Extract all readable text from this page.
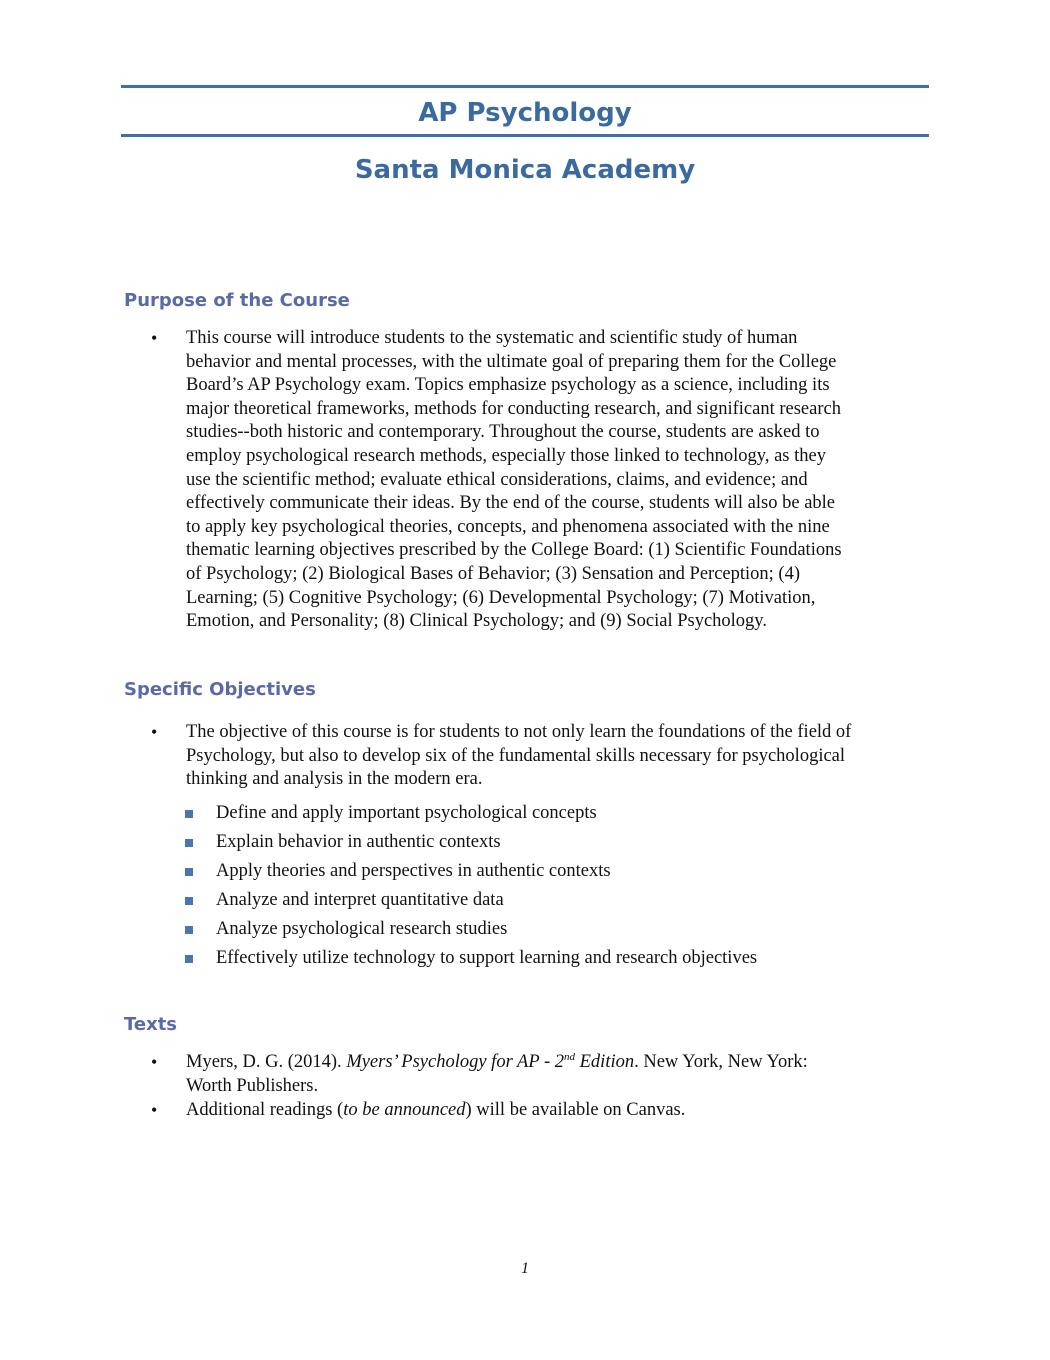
AP Psychology
Santa Monica Academy
Purpose of the Course
• This course will introduce students to the systematic and scientific study of human
behavior and mental processes, with the ultimate goal of preparing them for the College
Board’s AP Psychology exam. Topics emphasize psychology as a science, including its
major theoretical frameworks, methods for conducting research, and significant research
studies--both historic and contemporary. Throughout the course, students are asked to
employ psychological research methods, especially those linked to technology, as they
use the scientific method; evaluate ethical considerations, claims, and evidence; and
effectively communicate their ideas. By the end of the course, students will also be able
to apply key psychological theories, concepts, and phenomena associated with the nine
thematic learning objectives prescribed by the College Board: (1) Scientific Foundations
of Psychology; (2) Biological Bases of Behavior; (3) Sensation and Perception; (4)
Learning; (5) Cognitive Psychology; (6) Developmental Psychology; (7) Motivation,
Emotion, and Personality; (8) Clinical Psychology; and (9) Social Psychology.
Specific Objectives
• The objective of this course is for students to not only learn the foundations of the field of
Psychology, but also to develop six of the fundamental skills necessary for psychological
thinking and analysis in the modern era.
Define and apply important psychological concepts
Explain behavior in authentic contexts
Apply theories and perspectives in authentic contexts
Analyze and interpret quantitative data
Analyze psychological research studies
Effectively utilize technology to support learning and research objectives
Texts
• Myers, D. G. (2014). Myers’ Psychology for AP - 2nd Edition. New York, New York:
Worth Publishers.
• Additional readings (to be announced) will be available on Canvas.
1
